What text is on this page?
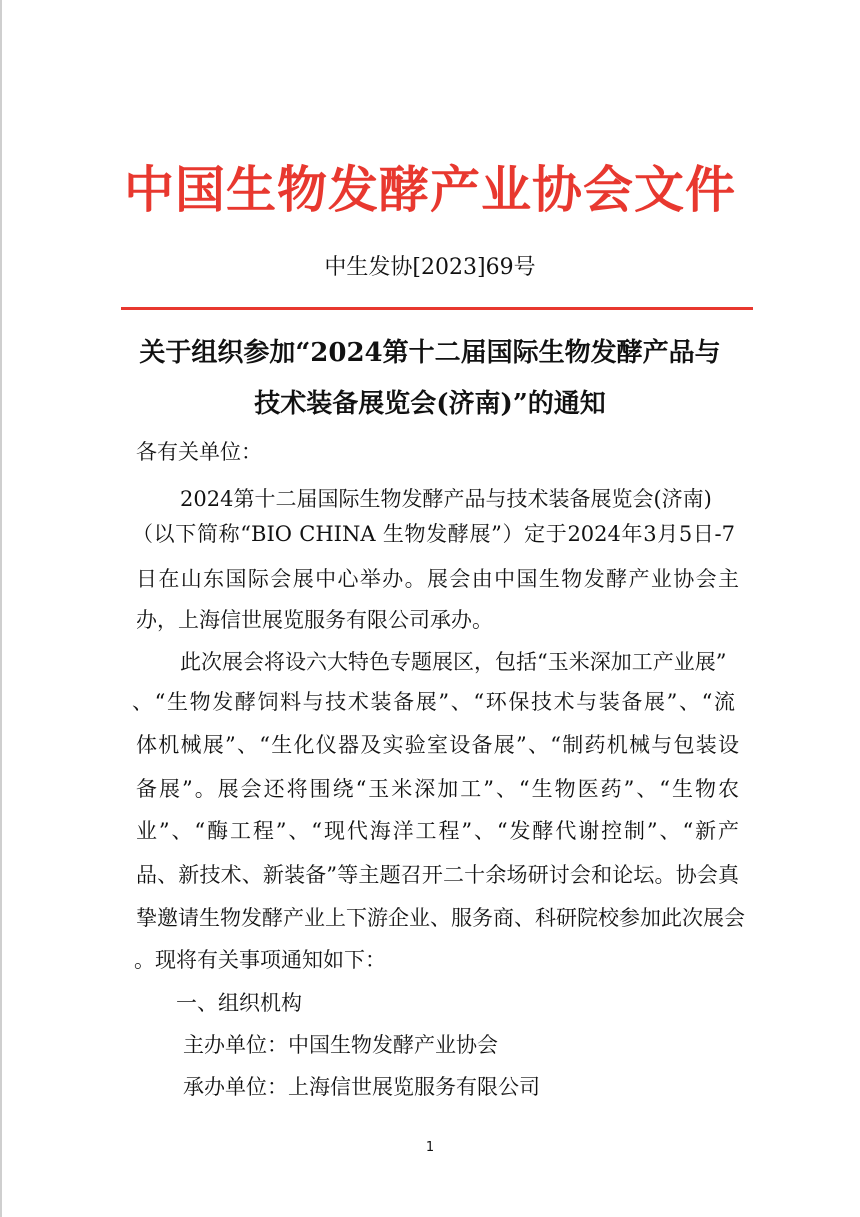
中国生物发酵产业协会文件
中生发协[2023]69号
关于组织参加“2024第十二届国际生物发酵产品与
技术装备展览会(济南)”的通知
各有关单位：
2024第十二届国际生物发酵产品与技术装备展览会(济南)
（以下简称“BIO CHINA 生物发酵展”）定于2024年3月5日-7
日在山东国际会展中心举办。展会由中国生物发酵产业协会主
办，上海信世展览服务有限公司承办。
此次展会将设六大特色专题展区，包括“玉米深加工产业展”
、“生物发酵饲料与技术装备展”、“环保技术与装备展”、“流
体机械展”、“生化仪器及实验室设备展”、“制药机械与包装设
备展”。展会还将围绕“玉米深加工”、“生物医药”、“生物农
业”、“酶工程”、“现代海洋工程”、“发酵代谢控制”、“新产
品、新技术、新装备”等主题召开二十余场研讨会和论坛。协会真
挚邀请生物发酵产业上下游企业、服务商、科研院校参加此次展会
。现将有关事项通知如下：
一、组织机构
主办单位：中国生物发酵产业协会
承办单位：上海信世展览服务有限公司
1
